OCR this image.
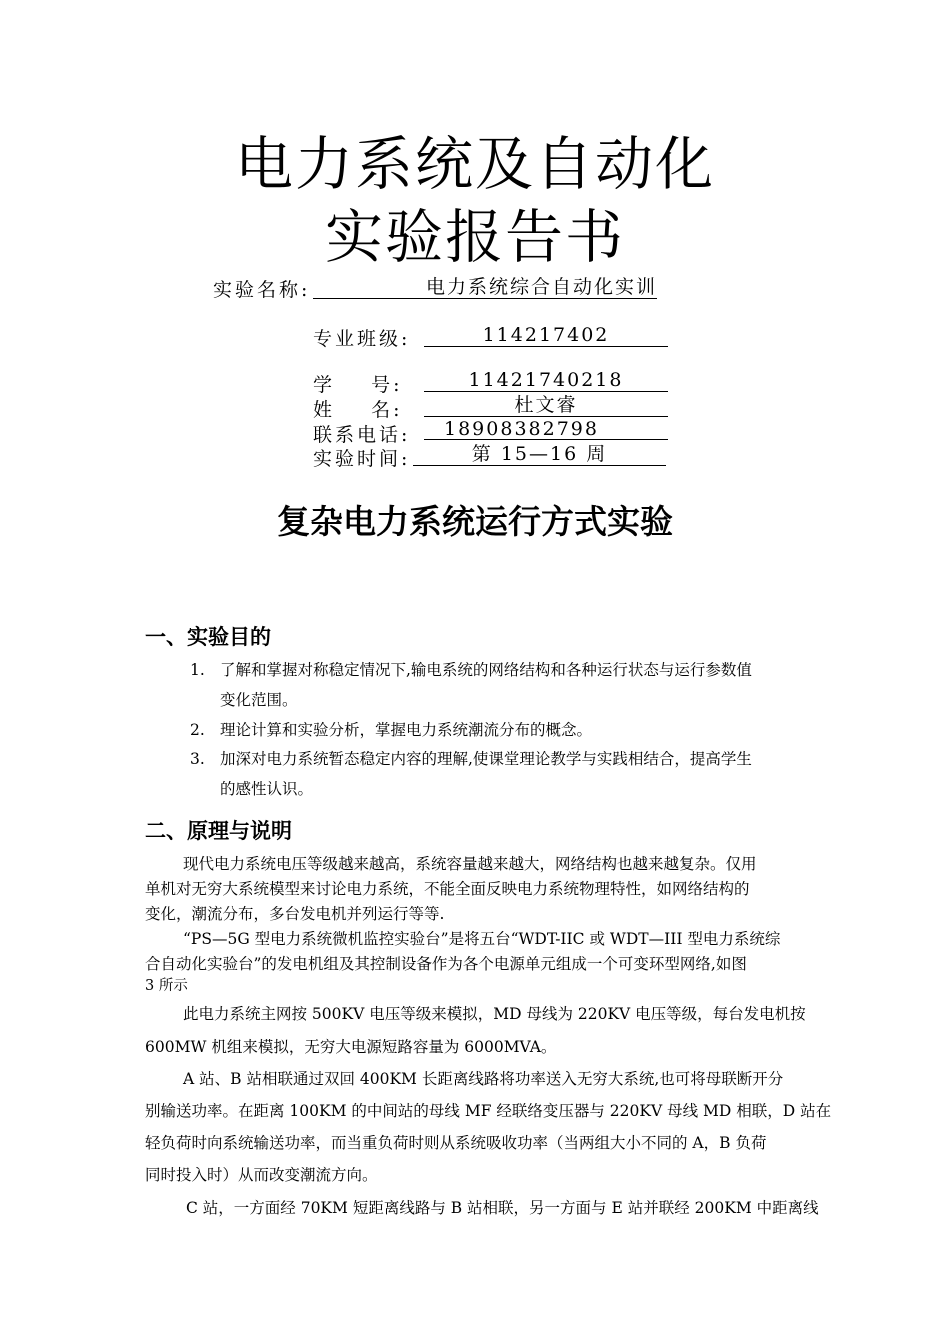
电力系统及自动化
实验报告书
实验名称:	电力系统综合自动化实训
专业班级:	114217402
学    号:	11421740218
姓    名:	杜文睿
联系电话:	18908382798
实验时间:	第 15—16 周
复杂电力系统运行方式实验
一、实验目的
1. 了解和掌握对称稳定情况下,输电系统的网络结构和各种运行状态与运行参数值
变化范围。
2. 理论计算和实验分析，掌握电力系统潮流分布的概念。
3. 加深对电力系统暂态稳定内容的理解,使课堂理论教学与实践相结合，提高学生
的感性认识。
二、原理与说明
现代电力系统电压等级越来越高，系统容量越来越大，网络结构也越来越复杂。仅用
单机对无穷大系统模型来讨论电力系统，不能全面反映电力系统物理特性，如网络结构的
变化，潮流分布，多台发电机并列运行等等.
“PS—5G 型电力系统微机监控实验台”是将五台“WDT-IIC 或 WDT—III 型电力系统综
合自动化实验台”的发电机组及其控制设备作为各个电源单元组成一个可变环型网络,如图
3 所示
此电力系统主网按 500KV 电压等级来模拟，MD 母线为 220KV 电压等级，每台发电机按
600MW 机组来模拟，无穷大电源短路容量为 6000MVA。
A 站、B 站相联通过双回 400KM 长距离线路将功率送入无穷大系统,也可将母联断开分
别输送功率。在距离 100KM 的中间站的母线 MF 经联络变压器与 220KV 母线 MD 相联，D 站在
轻负荷时向系统输送功率，而当重负荷时则从系统吸收功率（当两组大小不同的 A，B 负荷
同时投入时）从而改变潮流方向。
C 站，一方面经 70KM 短距离线路与 B 站相联，另一方面与 E 站并联经 200KM 中距离线
